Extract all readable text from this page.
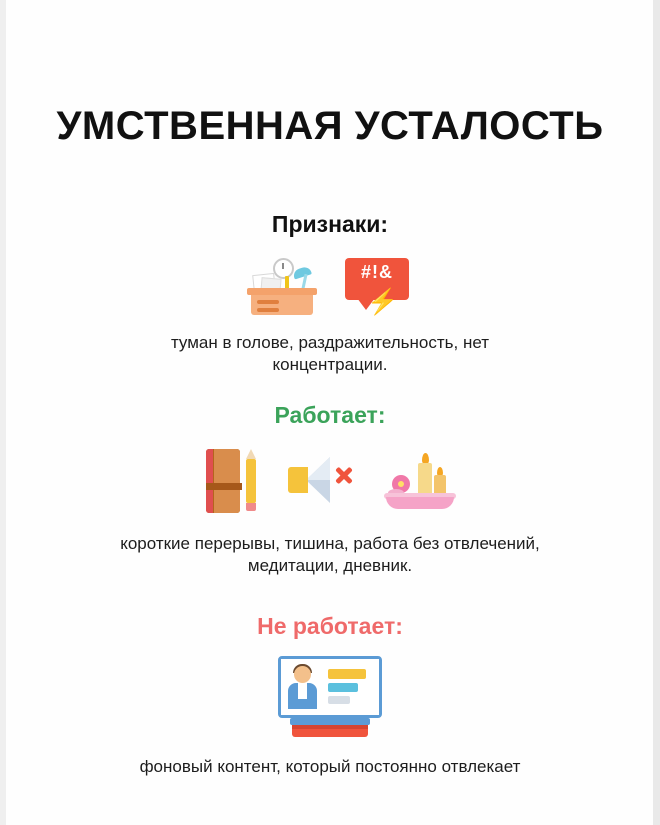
УМСТВЕННАЯ УСТАЛОСТЬ
Признаки:
#!&
⚡
туман в голове, раздражительность, нет концентрации.
Работает:
короткие перерывы, тишина, работа без отвлечений, медитации, дневник.
Не работает:
фоновый контент, который постоянно отвлекает
